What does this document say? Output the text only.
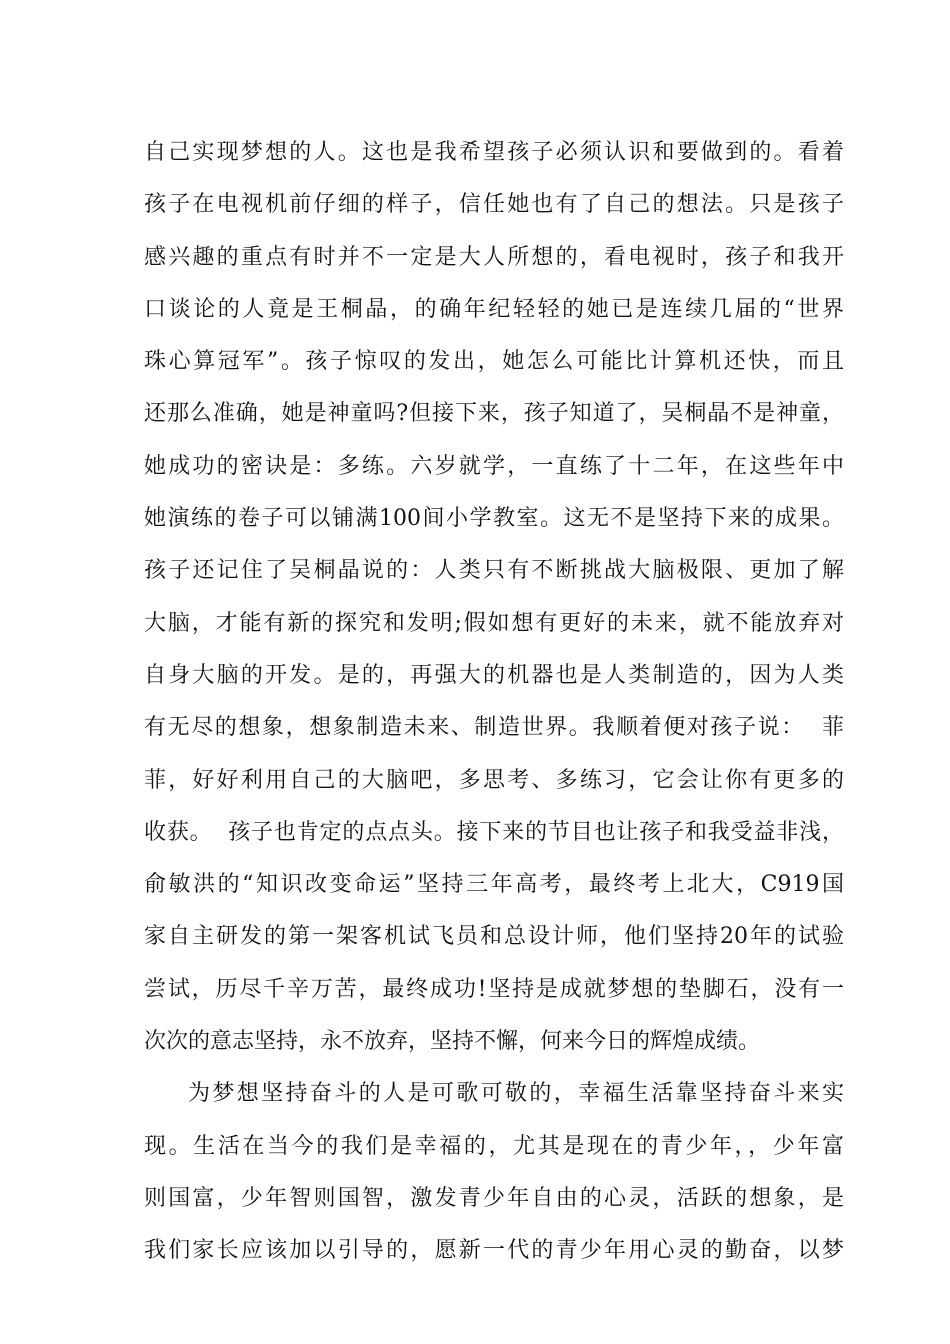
自己实现梦想的人。这也是我希望孩子必须认识和要做到的。看着
孩子在电视机前仔细的样子，信任她也有了自己的想法。只是孩子
感兴趣的重点有时并不一定是大人所想的，看电视时，孩子和我开
口谈论的人竟是王桐晶，的确年纪轻轻的她已是连续几届的“世界
珠心算冠军”。孩子惊叹的发出，她怎么可能比计算机还快，而且
还那么准确，她是神童吗?但接下来，孩子知道了，吴桐晶不是神童，
她成功的密诀是：多练。六岁就学，一直练了十二年，在这些年中
她演练的卷子可以铺满100间小学教室。这无不是坚持下来的成果。
孩子还记住了吴桐晶说的：人类只有不断挑战大脑极限、更加了解
大脑，才能有新的探究和发明;假如想有更好的未来，就不能放弃对
自身大脑的开发。是的，再强大的机器也是人类制造的，因为人类
有无尽的想象，想象制造未来、制造世界。我顺着便对孩子说：  菲
菲，好好利用自己的大脑吧，多思考、多练习，它会让你有更多的
收获。  孩子也肯定的点点头。接下来的节目也让孩子和我受益非浅，
俞敏洪的“知识改变命运”坚持三年高考，最终考上北大，C919国
家自主研发的第一架客机试飞员和总设计师，他们坚持20年的试验
尝试，历尽千辛万苦，最终成功!坚持是成就梦想的垫脚石，没有一
次次的意志坚持，永不放弃，坚持不懈，何来今日的辉煌成绩。
为梦想坚持奋斗的人是可歌可敬的，幸福生活靠坚持奋斗来实
现。生活在当今的我们是幸福的，尤其是现在的青少年，，少年富
则国富，少年智则国智，激发青少年自由的心灵，活跃的想象，是
我们家长应该加以引导的，愿新一代的青少年用心灵的勤奋，以梦
